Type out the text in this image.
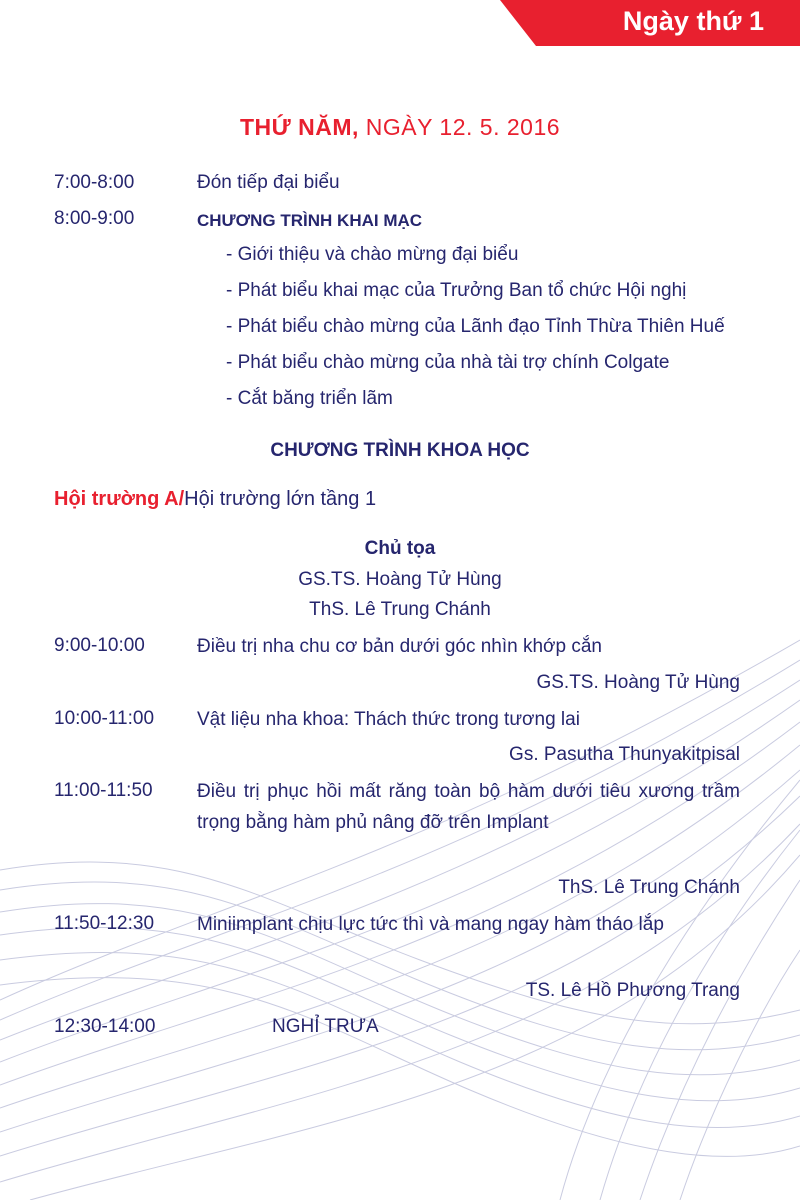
Ngày thứ 1
THỨ NĂM, NGÀY 12. 5. 2016
7:00-8:00	Đón tiếp đại biểu
8:00-9:00	CHƯƠNG TRÌNH KHAI MẠC
- Giới thiệu và chào mừng đại biểu
- Phát biểu khai mạc của Trưởng Ban tổ chức Hội nghị
- Phát biểu chào mừng của Lãnh đạo Tỉnh Thừa Thiên Huế
- Phát biểu chào mừng của nhà tài trợ chính Colgate
- Cắt băng triển lãm
CHƯƠNG TRÌNH KHOA HỌC
Hội trường A/Hội trường lớn tầng 1
Chủ tọa
GS.TS. Hoàng Tử Hùng
ThS. Lê Trung Chánh
9:00-10:00	Điều trị nha chu cơ bản dưới góc nhìn khớp cắn
GS.TS. Hoàng Tử Hùng
10:00-11:00 Vật liệu nha khoa: Thách thức trong tương lai
Gs. Pasutha Thunyakitpisal
11:00-11:50 Điều trị phục hồi mất răng toàn bộ hàm dưới tiêu xương trầm trọng bằng hàm phủ nâng đỡ trên Implant
ThS. Lê Trung Chánh
11:50-12:30 Miniimplant chịu lực tức thì và mang ngay hàm tháo lắp
TS. Lê Hồ Phương Trang
12:30-14:00	NGHỈ TRƯA
